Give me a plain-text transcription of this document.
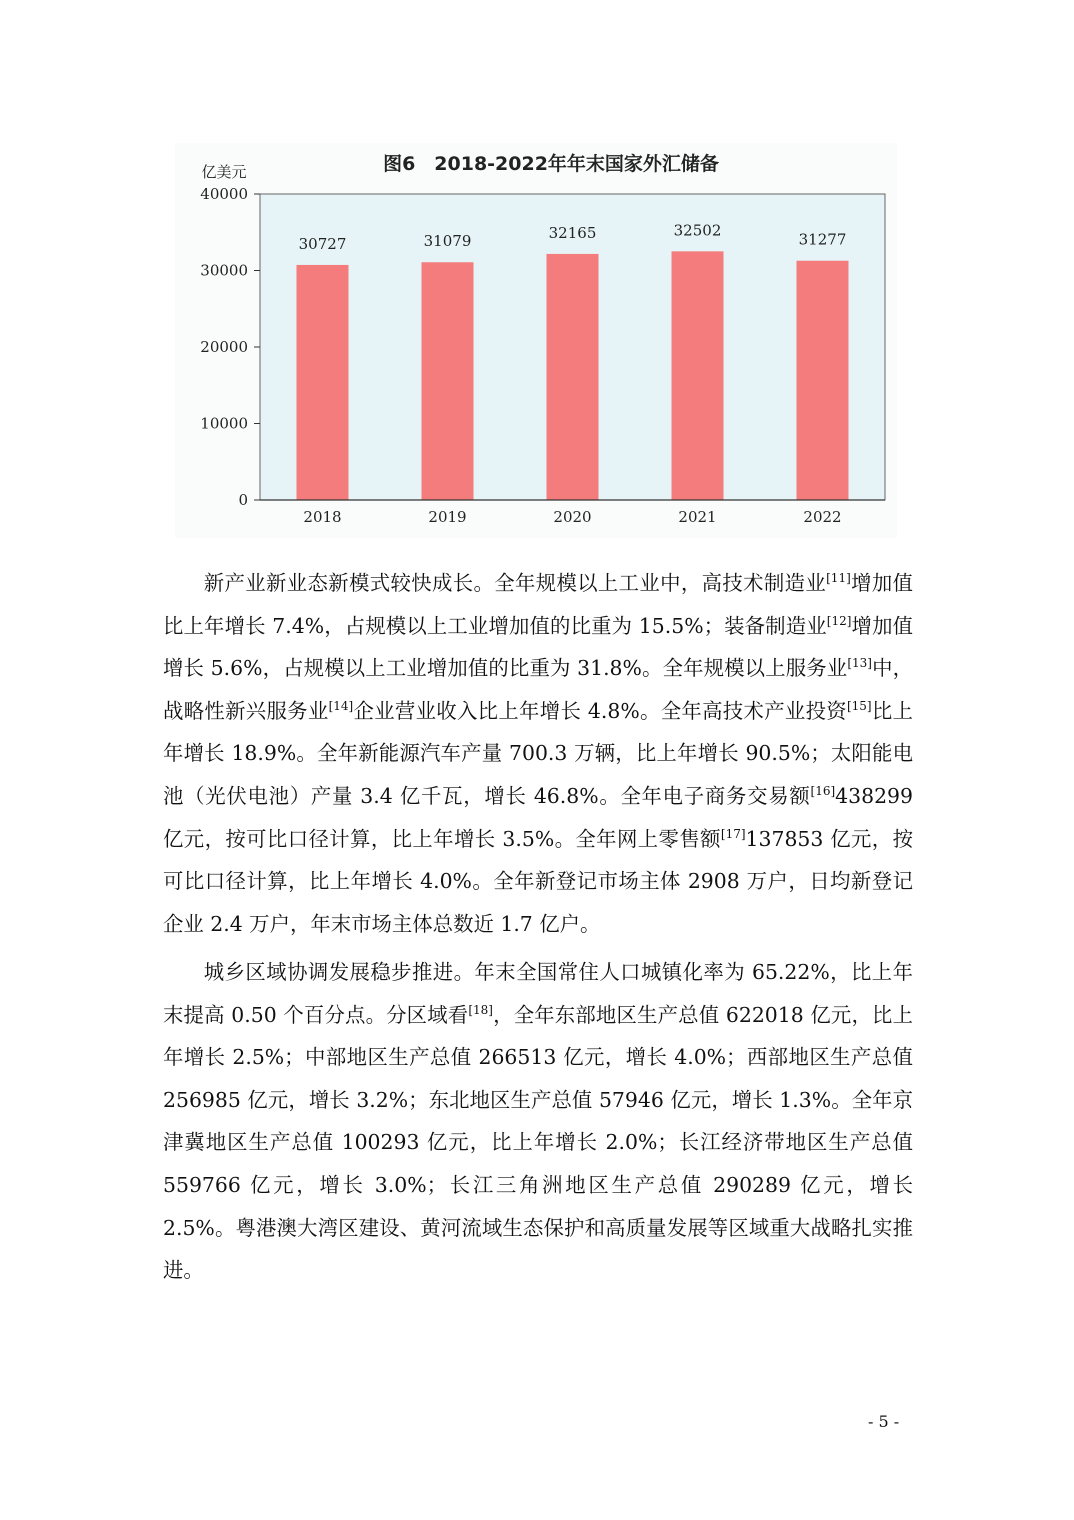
图6　2018-2022年年末国家外汇储备
亿美元
0
10000
20000
30000
40000
30727	31079	32165	32502
31277
2018	2019	2020	2021	2022

新产业新业态新模式较快成长。全年规模以上工业中，高技术制造业[11]增加值比上年增长 7.4%，占规模以上工业增加值的比重为 15.5%；装备制造业[12]增加值增长 5.6%，占规模以上工业增加值的比重为 31.8%。全年规模以上服务业[13]中，战略性新兴服务业[14]企业营业收入比上年增长 4.8%。全年高技术产业投资[15]比上年增长 18.9%。全年新能源汽车产量 700.3 万辆，比上年增长 90.5%；太阳能电池（光伏电池）产量 3.4 亿千瓦，增长 46.8%。全年电子商务交易额[16]438299 亿元，按可比口径计算，比上年增长 3.5%。全年网上零售额[17]137853 亿元，按可比口径计算，比上年增长 4.0%。全年新登记市场主体 2908 万户，日均新登记企业 2.4 万户，年末市场主体总数近 1.7 亿户。

城乡区域协调发展稳步推进。年末全国常住人口城镇化率为 65.22%，比上年末提高 0.50 个百分点。分区域看[18]，全年东部地区生产总值 622018 亿元，比上年增长 2.5%；中部地区生产总值 266513 亿元，增长 4.0%；西部地区生产总值 256985 亿元，增长 3.2%；东北地区生产总值 57946 亿元，增长 1.3%。全年京津冀地区生产总值 100293 亿元，比上年增长 2.0%；长江经济带地区生产总值 559766 亿元，增长 3.0%；长江三角洲地区生产总值 290289 亿元，增长 2.5%。粤港澳大湾区建设、黄河流域生态保护和高质量发展等区域重大战略扎实推进。

- 5 -
